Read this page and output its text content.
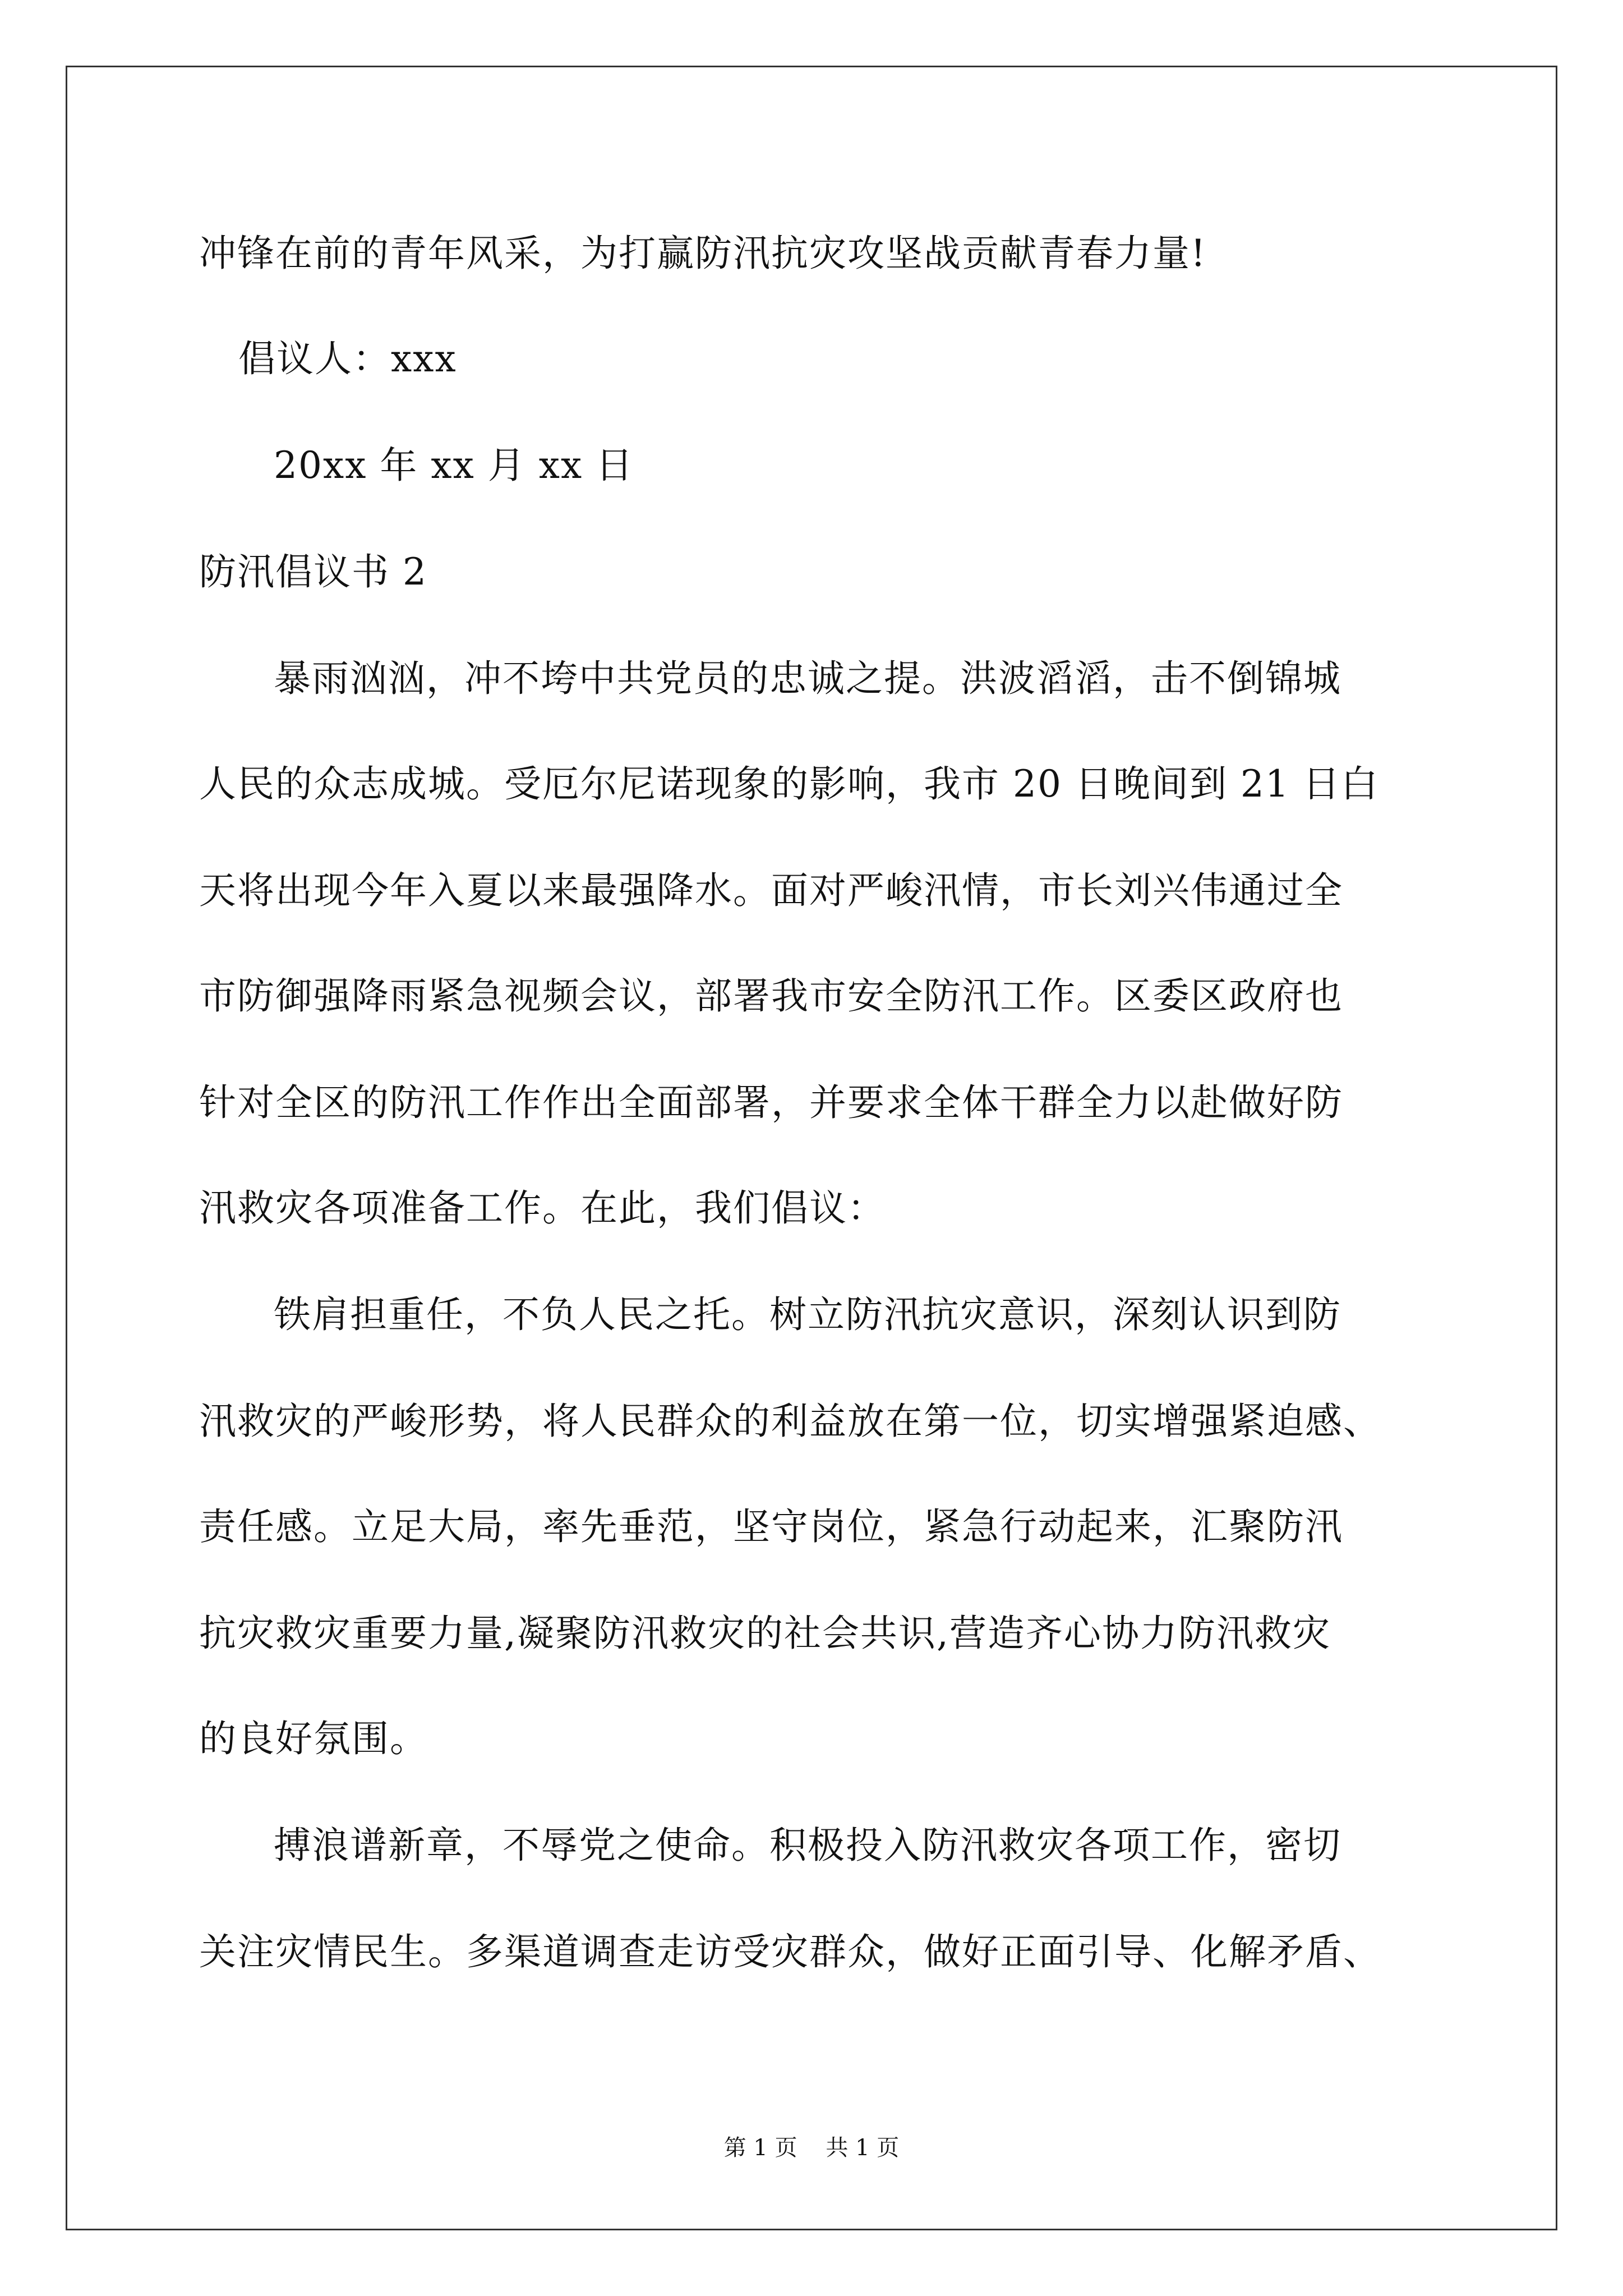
冲锋在前的青年风采，为打赢防汛抗灾攻坚战贡献青春力量!
倡议人：xxx
20xx 年 xx 月 xx 日
防汛倡议书 2
暴雨汹汹，冲不垮中共党员的忠诚之提。洪波滔滔，击不倒锦城
人民的众志成城。受厄尔尼诺现象的影响，我市 20 日晚间到 21 日白
天将出现今年入夏以来最强降水。面对严峻汛情，市长刘兴伟通过全
市防御强降雨紧急视频会议，部署我市安全防汛工作。区委区政府也
针对全区的防汛工作作出全面部署，并要求全体干群全力以赴做好防
汛救灾各项准备工作。在此，我们倡议：
铁肩担重任，不负人民之托。树立防汛抗灾意识，深刻认识到防
汛救灾的严峻形势，将人民群众的利益放在第一位，切实增强紧迫感、
责任感。立足大局，率先垂范，坚守岗位，紧急行动起来，汇聚防汛
抗灾救灾重要力量,凝聚防汛救灾的社会共识,营造齐心协力防汛救灾
的良好氛围。
搏浪谱新章，不辱党之使命。积极投入防汛救灾各项工作，密切
关注灾情民生。多渠道调查走访受灾群众，做好正面引导、化解矛盾、
第 1 页    共 1 页
